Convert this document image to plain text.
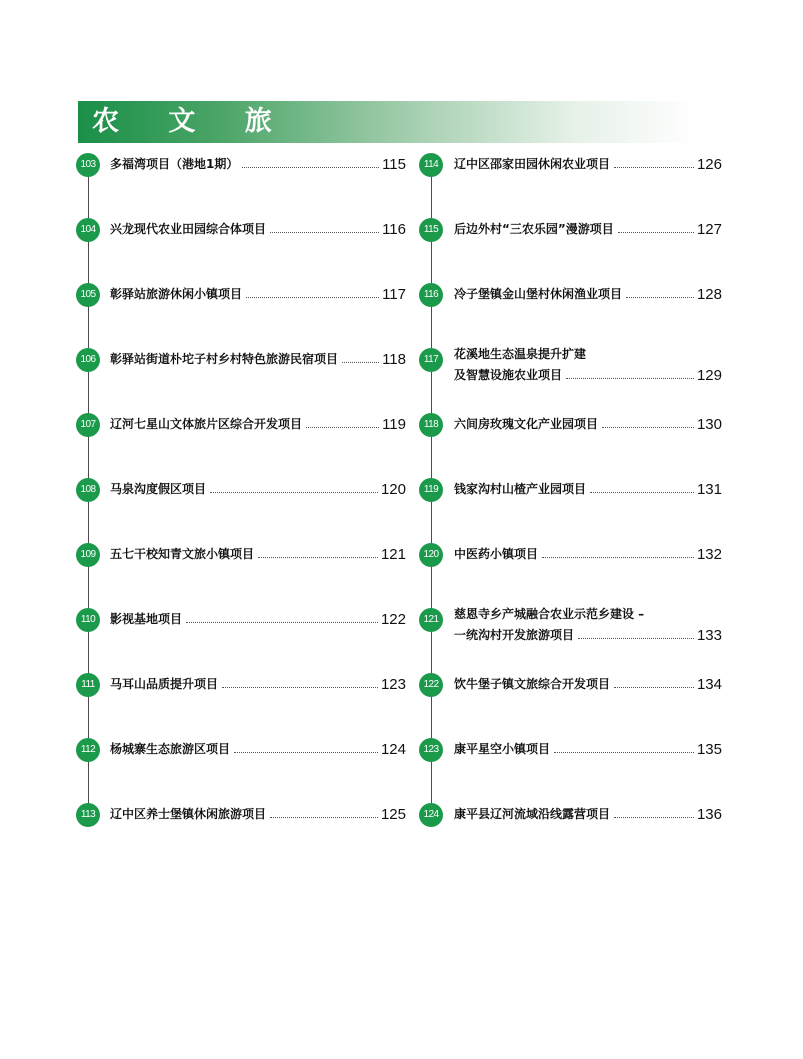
农 文 旅
103	多福湾项目（港地1期）	115
104	兴龙现代农业田园综合体项目	116
105	彰驿站旅游休闲小镇项目	117
106	彰驿站街道朴坨子村乡村特色旅游民宿项目	118
107	辽河七星山文体旅片区综合开发项目	119
108	马泉沟度假区项目	120
109	五七干校知青文旅小镇项目	121
110	影视基地项目	122
111	马耳山品质提升项目	123
112	杨城寨生态旅游区项目	124
113	辽中区养士堡镇休闲旅游项目	125
114	辽中区邵家田园休闲农业项目	126
115	后边外村“三农乐园”漫游项目	127
116	冷子堡镇金山堡村休闲渔业项目	128
117	花溪地生态温泉提升扩建
及智慧设施农业项目	129
118	六间房玫瑰文化产业园项目	130
119	钱家沟村山楂产业园项目	131
120	中医药小镇项目	132
121	慈恩寺乡产城融合农业示范乡建设 –
一统沟村开发旅游项目	133
122	饮牛堡子镇文旅综合开发项目	134
123	康平星空小镇项目	135
124	康平县辽河流域沿线露营项目	136
